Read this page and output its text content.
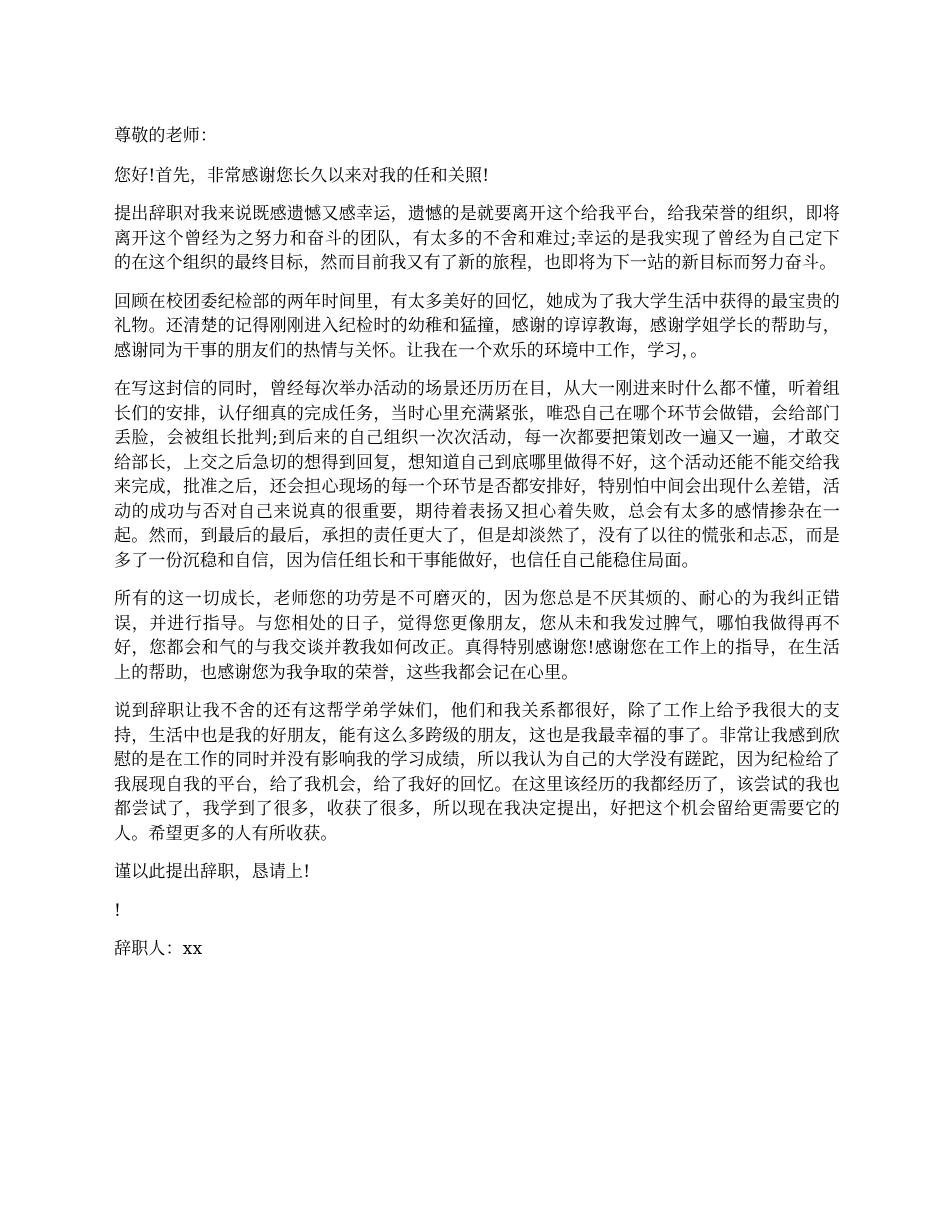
尊敬的老师：

您好!首先，非常感谢您长久以来对我的任和关照!

提出辞职对我来说既感遗憾又感幸运，遗憾的是就要离开这个给我平台，给我荣誉的组织，即将离开这个曾经为之努力和奋斗的团队，有太多的不舍和难过;幸运的是我实现了曾经为自己定下的在这个组织的最终目标，然而目前我又有了新的旅程，也即将为下一站的新目标而努力奋斗。

回顾在校团委纪检部的两年时间里，有太多美好的回忆，她成为了我大学生活中获得的最宝贵的礼物。还清楚的记得刚刚进入纪检时的幼稚和猛撞，感谢的谆谆教诲，感谢学姐学长的帮助与，感谢同为干事的朋友们的热情与关怀。让我在一个欢乐的环境中工作，学习，。

在写这封信的同时，曾经每次举办活动的场景还历历在目，从大一刚进来时什么都不懂，听着组长们的安排，认仔细真的完成任务，当时心里充满紧张，唯恐自己在哪个环节会做错，会给部门丢脸，会被组长批判;到后来的自己组织一次次活动，每一次都要把策划改一遍又一遍，才敢交给部长，上交之后急切的想得到回复，想知道自己到底哪里做得不好，这个活动还能不能交给我来完成，批准之后，还会担心现场的每一个环节是否都安排好，特别怕中间会出现什么差错，活动的成功与否对自己来说真的很重要，期待着表扬又担心着失败，总会有太多的感情掺杂在一起。然而，到最后的最后，承担的责任更大了，但是却淡然了，没有了以往的慌张和忐忑，而是多了一份沉稳和自信，因为信任组长和干事能做好，也信任自己能稳住局面。

所有的这一切成长，老师您的功劳是不可磨灭的，因为您总是不厌其烦的、耐心的为我纠正错误，并进行指导。与您相处的日子，觉得您更像朋友，您从未和我发过脾气，哪怕我做得再不好，您都会和气的与我交谈并教我如何改正。真得特别感谢您!感谢您在工作上的指导，在生活上的帮助，也感谢您为我争取的荣誉，这些我都会记在心里。

说到辞职让我不舍的还有这帮学弟学妹们，他们和我关系都很好，除了工作上给予我很大的支持，生活中也是我的好朋友，能有这么多跨级的朋友，这也是我最幸福的事了。非常让我感到欣慰的是在工作的同时并没有影响我的学习成绩，所以我认为自己的大学没有蹉跎，因为纪检给了我展现自我的平台，给了我机会，给了我好的回忆。在这里该经历的我都经历了，该尝试的我也都尝试了，我学到了很多，收获了很多，所以现在我决定提出，好把这个机会留给更需要它的人。希望更多的人有所收获。

谨以此提出辞职，恳请上!

!

辞职人：xx
